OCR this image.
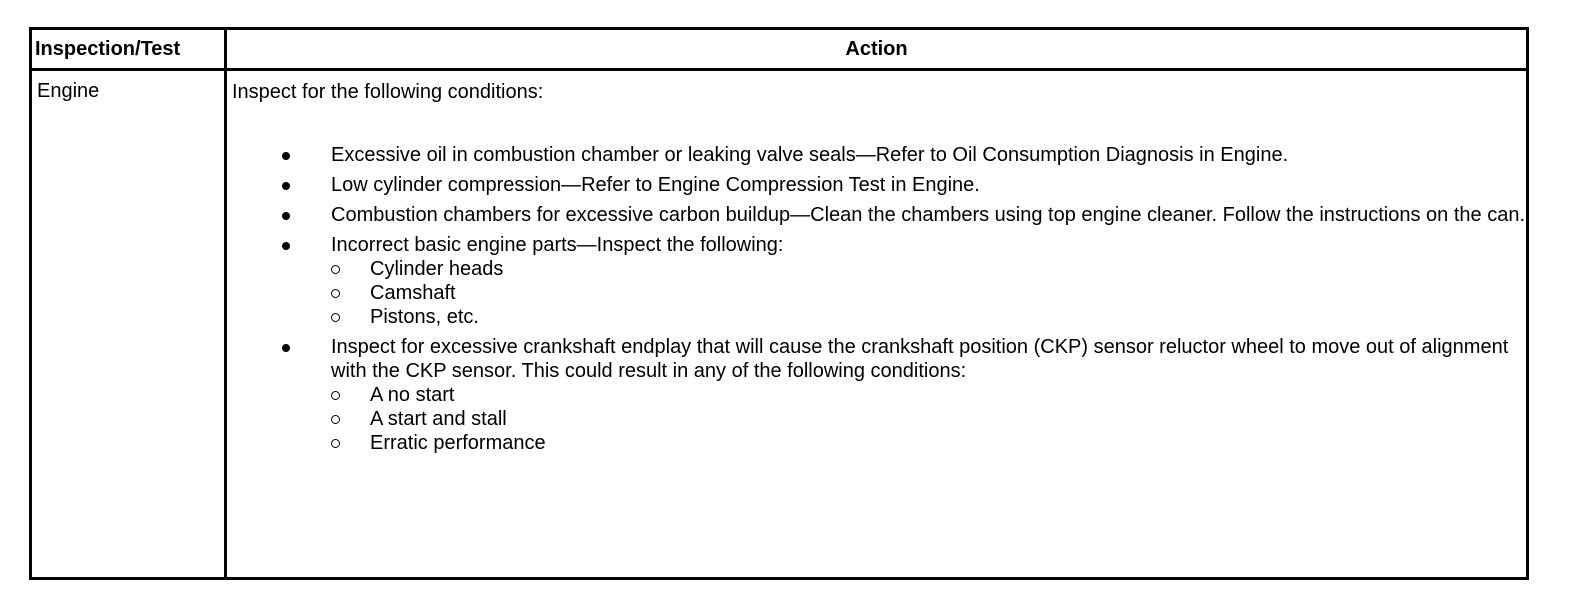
Inspection/Test	Action
Engine	Inspect for the following conditions:

Excessive oil in combustion chamber or leaking valve seals—Refer to Oil Consumption Diagnosis in Engine.
Low cylinder compression—Refer to Engine Compression Test in Engine.
Combustion chambers for excessive carbon buildup—Clean the chambers using top engine cleaner. Follow the instructions on the can.
Incorrect basic engine parts—Inspect the following:
Cylinder heads
Camshaft
Pistons, etc.
Inspect for excessive crankshaft endplay that will cause the crankshaft position (CKP) sensor reluctor wheel to move out of alignment with the CKP sensor. This could result in any of the following conditions:
A no start
A start and stall
Erratic performance
